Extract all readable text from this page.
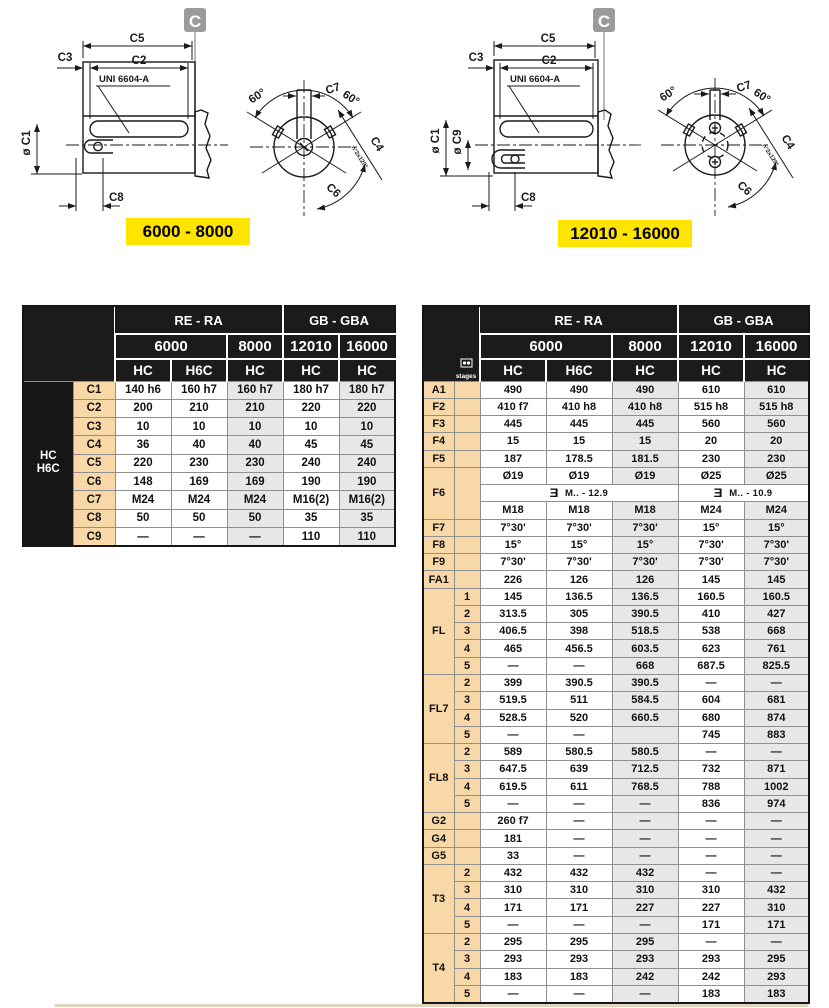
C
C5
C2
C3
UNI 6604-A
ø C1
C8
60°	60°
C7
C4
n°2x120°
C6
C
C5
C2
C3
UNI 6604-A
ø C1 ø C9
C8
60°	60°
C7
C4
n°2x120°
C6
6000 - 8000	12010 - 16000
		RE - RA			GB - GBA	
		6000		8000	12010	16000
		HC	H6C	HC	HC	HC

HC
H6C	C1	140 h6	160 h7	160 h7	180 h7	180 h7
	C2	200	210	210	220	220
	C3	10	10	10	10	10
	C4	36	40	40	45	45
	C5	220	230	230	240	240
	C6	148	169	169	190	190
	C7	M24	M24	M24	M16(2)	M16(2)
	C8	50	50	50	35	35
	C9	—	—	—	110	110
stages		RE - RA			GB - GBA	
		6000		8000	12010	16000
		HC	H6C	HC	HC	HC
A1		490	490	490	610	610
F2		410 f7	410 h8	410 h8	515 h8	515 h8
F3		445	445	445	560	560
F4		15	15	15	20	20
F5		187	178.5	181.5	230	230
F6		Ø19	Ø19	Ø19	Ø25	Ø25

		Ǝ M.. - 12.9			Ǝ M.. - 10.9	

		M18	M18	M18	M24	M24
F7		7°30'	7°30'	7°30'	15°	15°
F8		15°	15°	15°	7°30'	7°30'
F9		7°30'	7°30'	7°30'	7°30'	7°30'
FA1		226	126	126	145	145
FL	1	145	136.5	136.5	160.5	160.5
	2	313.5	305	390.5	410	427
	3	406.5	398	518.5	538	668
	4	465	456.5	603.5	623	761
	5	—	—	668	687.5	825.5
FL7	2	399	390.5	390.5	—	—
	3	519.5	511	584.5	604	681
	4	528.5	520	660.5	680	874
	5	—	—		745	883
FL8	2	589	580.5	580.5	—	—
	3	647.5	639	712.5	732	871
	4	619.5	611	768.5	788	1002
	5	—	—	—	836	974
G2		260 f7	—	—	—	—
G4		181	—	—	—	—
G5		33	—	—	—	—
T3	2	432	432	432	—	—
	3	310	310	310	310	432
	4	171	171	227	227	310
	5	—	—	—	171	171
T4	2	295	295	295	—	—
	3	293	293	293	293	295
	4	183	183	242	242	293
	5	—	—	—	183	183
